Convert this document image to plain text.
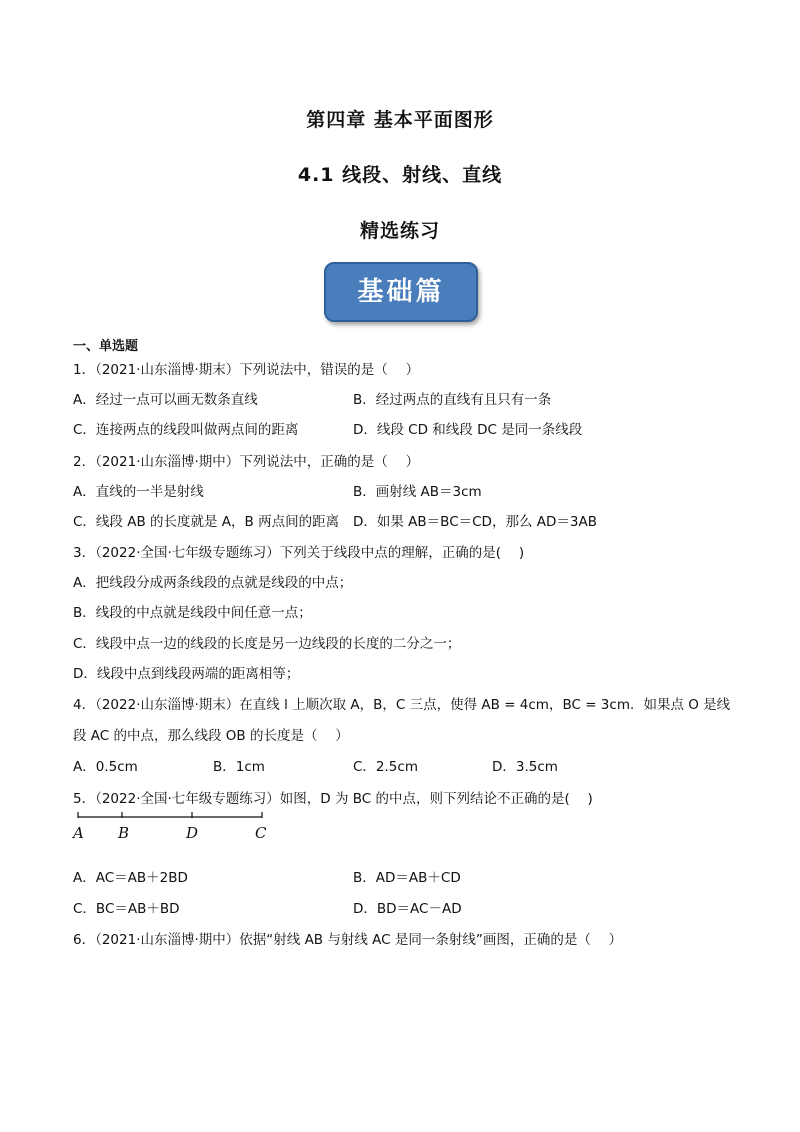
第四章 基本平面图形
4.1 线段、射线、直线
精选练习
基础篇
一、单选题
1．（2021·山东淄博·期末）下列说法中，错误的是（　 ）
A．经过一点可以画无数条直线	B．经过两点的直线有且只有一条
C．连接两点的线段叫做两点间的距离	D．线段 CD 和线段 DC 是同一条线段
2．（2021·山东淄博·期中）下列说法中，正确的是（　 ）
A．直线的一半是射线	B．画射线 AB＝3cm
C．线段 AB 的长度就是 A，B 两点间的距离 D．如果 AB＝BC＝CD，那么 AD＝3AB
3．（2022·全国·七年级专题练习）下列关于线段中点的理解，正确的是(　 )
A．把线段分成两条线段的点就是线段的中点；
B．线段的中点就是线段中间任意一点；
C．线段中点一边的线段的长度是另一边线段的长度的二分之一；
D．线段中点到线段两端的距离相等；
4．（2022·山东淄博·期末）在直线 l 上顺次取 A，B，C 三点，使得 AB = 4cm，BC = 3cm．如果点 O 是线
段 AC 的中点，那么线段 OB 的长度是（　 ）
A．0.5cm	B．1cm	C．2.5cm	D．3.5cm
5．（2022·全国·七年级专题练习）如图，D 为 BC 的中点，则下列结论不正确的是(　 )
A B	D	C
A．AC＝AB＋2BD	B．AD＝AB＋CD
C．BC＝AB＋BD	D．BD＝AC－AD
6．（2021·山东淄博·期中）依据“射线 AB 与射线 AC 是同一条射线”画图，正确的是（　 ）
